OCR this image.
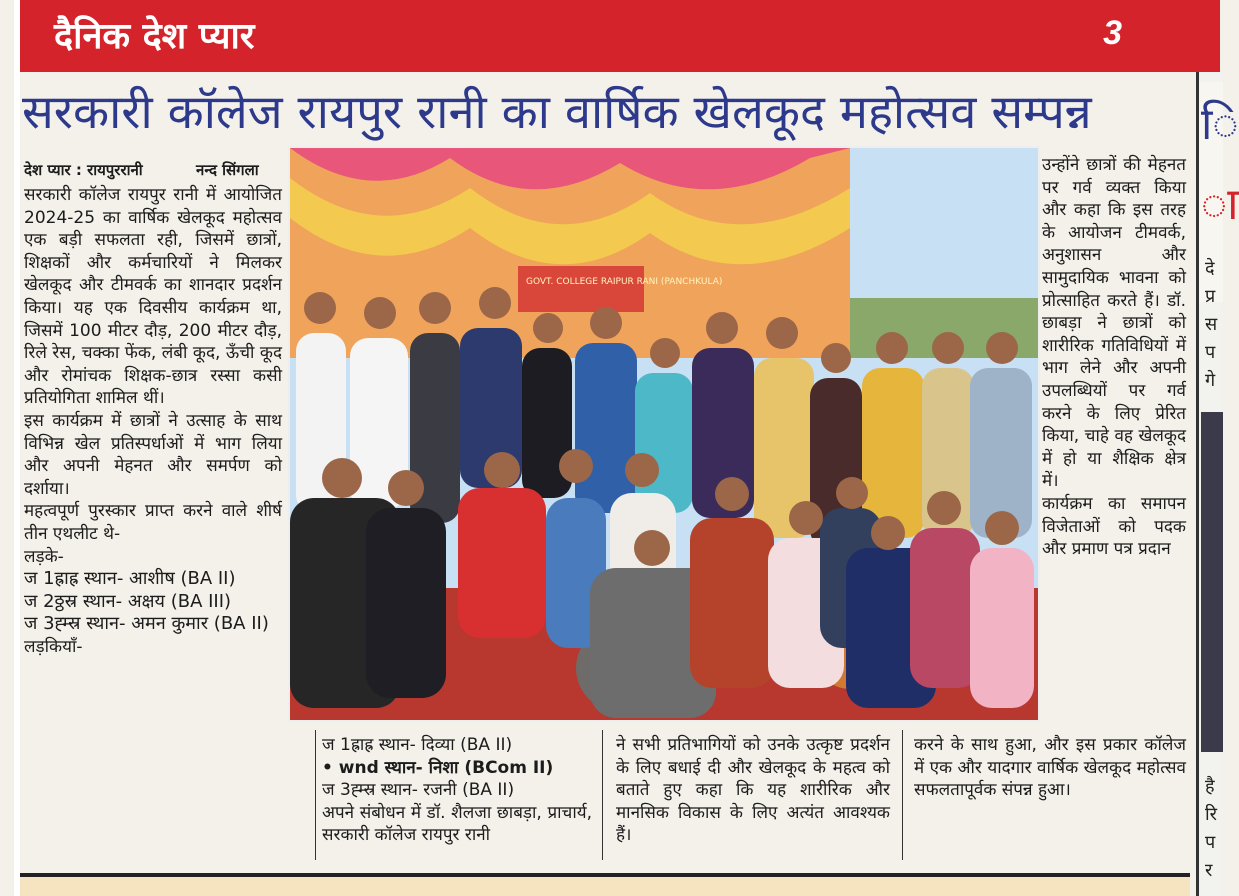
दैनिक देश प्यार	3
सरकारी कॉलेज रायपुर रानी का वार्षिक खेलकूद महोत्सव सम्पन्न
देश प्यार : रायपुररानी	नन्द सिंगला

सरकारी कॉलेज रायपुर रानी में आयोजित 2024-25 का वार्षिक खेलकूद महोत्सव एक बड़ी सफलता रही, जिसमें छात्रों, शिक्षकों और कर्मचारियों ने मिलकर खेलकूद और टीमवर्क का शानदार प्रदर्शन किया। यह एक दिवसीय कार्यक्रम था, जिसमें 100 मीटर दौड़, 200 मीटर दौड़, रिले रेस, चक्का फेंक, लंबी कूद, ऊँची कूद और रोमांचक शिक्षक-छात्र रस्सा कसी प्रतियोगिता शामिल थीं।

इस कार्यक्रम में छात्रों ने उत्साह के साथ विभिन्न खेल प्रतिस्पर्धाओं में भाग लिया और अपनी मेहनत और समर्पण को दर्शाया।

महत्वपूर्ण पुरस्कार प्राप्त करने वाले शीर्ष तीन एथलीट थे-

लड़के-

ज 1ह्राह्र स्थान- आशीष (BA II)

ज 2ठ्ठस्र स्थान- अक्षय (BA III)

ज 3ह्म्स्र स्थान- अमन कुमार (BA II)

लड़कियाँ-

GOVT. COLLEGE RAIPUR RANI (PANCHKULA)

ज 1ह्राह्र स्थान- दिव्या (BA II)

• wnd स्थान- निशा (BCom II)

ज 3ह्म्स्र स्थान- रजनी (BA II)

अपने संबोधन में डॉ. शैलजा छाबड़ा, प्राचार्य, सरकारी कॉलेज रायपुर रानी

ने सभी प्रतिभागियों को उनके उत्कृष्ट प्रदर्शन के लिए बधाई दी और खेलकूद के महत्व को बताते हुए कहा कि यह शारीरिक और मानसिक विकास के लिए अत्यंत आवश्यक हैं।

करने के साथ हुआ, और इस प्रकार कॉलेज में एक और यादगार वार्षिक खेलकूद महोत्सव सफलतापूर्वक संपन्न हुआ।

उन्होंने छात्रों की मेहनत पर गर्व व्यक्त किया और कहा कि इस तरह के आयोजन टीमवर्क, अनुशासन और सामुदायिक भावना को प्रोत्साहित करते हैं। डॉ. छाबड़ा ने छात्रों को शारीरिक गतिविधियों में भाग लेने और अपनी उपलब्धियों पर गर्व करने के लिए प्रेरित किया, चाहे वह खेलकूद में हो या शैक्षिक क्षेत्र में।

कार्यक्रम का समापन विजेताओं को पदक और प्रमाण पत्र प्रदान

ि
ा
दे
प्र
स
प
गे
है
रि
प
र
